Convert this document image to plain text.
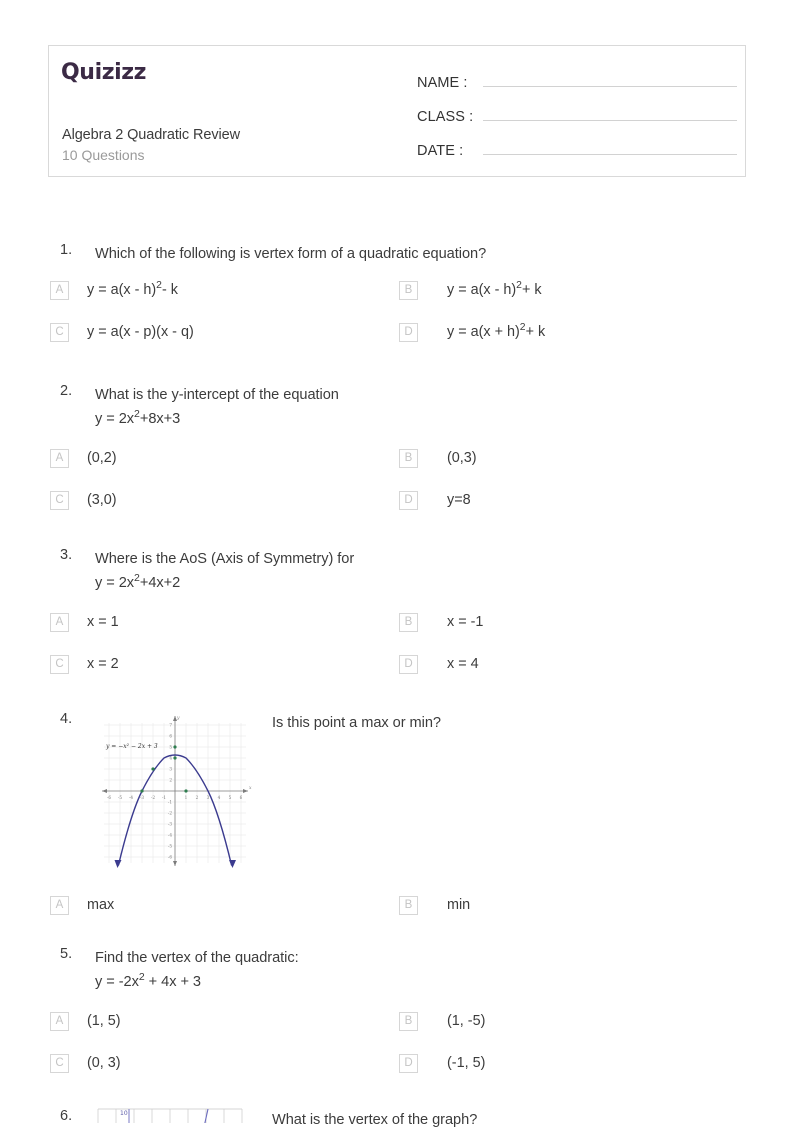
Quizizz
Algebra 2 Quadratic Review
10 Questions
NAME :
CLASS :
DATE :
1.	Which of the following is vertex form of a quadratic equation?
A	y = a(x - h)$^2$- k	B	y = a(x - h)$^2$+ k
C	y = a(x - p)(x - q)	D	$y = a(x + h)^2+ k$
2.	What is the y-intercept of the equation
$y = 2x^2+8x+3$
A	(0,2)	B	(0,3)
C	(3,0)	D	y=8
3.	Where is the AoS (Axis of Symmetry) for
$y = 2x^2+4x+2$
A	x = 1	B	x = -1
C	x = 2	D	x = 4
4.	Is this point a max or min?
-6 -5 -4 -3 -2 -1	1 2 3 4 5 6
7
6
5
4
3
2
-1
-2
-3
-4
-5
-6
y
x
y = −x² − 2x + 3
A	max	B	min
5.	Find the vertex of the quadratic:
$y = -2x^2 + 4x + 3$
A	(1, 5)	B	(1, -5)
C	(0, 3)	D	(-1, 5)
6.	What is the vertex of the graph?
10
